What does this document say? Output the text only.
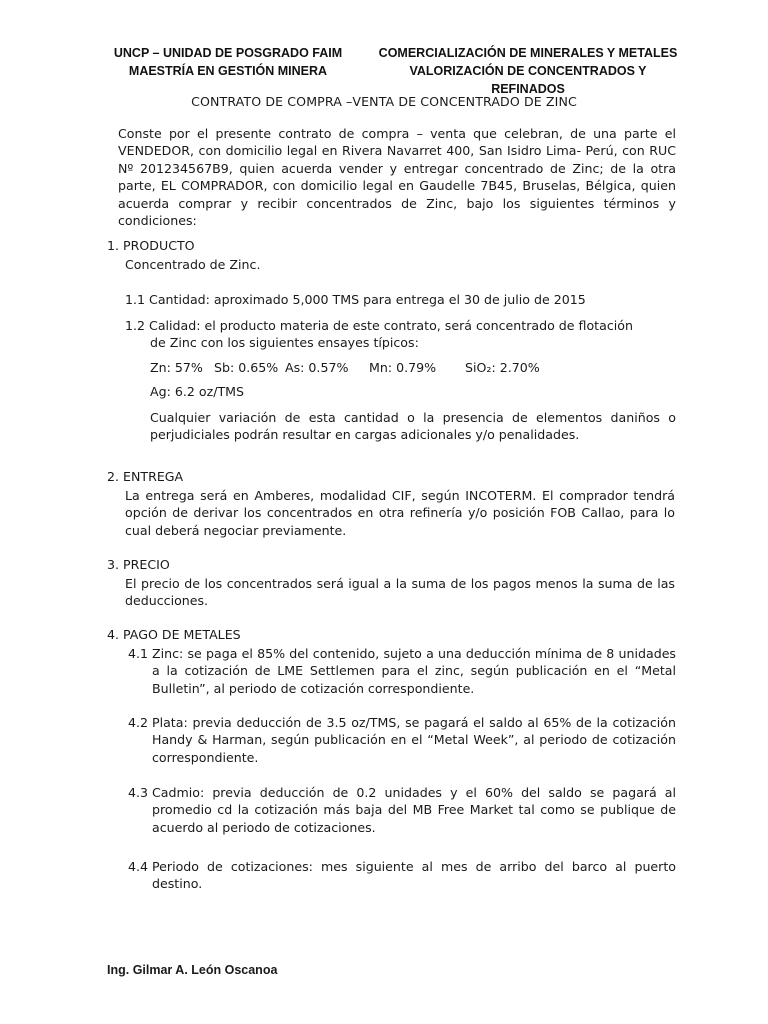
UNCP – UNIDAD DE POSGRADO FAIM
MAESTRÍA EN GESTIÓN MINERA
COMERCIALIZACIÓN DE MINERALES Y METALES
VALORIZACIÓN DE CONCENTRADOS Y REFINADOS
CONTRATO DE COMPRA –VENTA DE CONCENTRADO DE ZINC
Conste por el presente contrato de compra – venta que celebran, de una parte el VENDEDOR, con domicilio legal en Rivera Navarret 400, San Isidro Lima- Perú, con RUC Nº 201234567B9, quien acuerda vender y entregar concentrado de Zinc; de la otra parte, EL COMPRADOR, con domicilio legal en Gaudelle 7B45, Bruselas, Bélgica, quien acuerda comprar y recibir concentrados de Zinc, bajo los siguientes términos y condiciones:
1. PRODUCTO
Concentrado de Zinc.
1.1 Cantidad: aproximado 5,000 TMS para entrega el 30 de julio de 2015
1.2 Calidad: el producto materia de este contrato, será concentrado de flotación
de Zinc con los siguientes ensayes típicos:
Zn: 57% Sb: 0.65% As: 0.57% Mn: 0.79% SiO₂: 2.70%
Ag: 6.2 oz/TMS
Cualquier variación de esta cantidad o la presencia de elementos daniños o perjudiciales podrán resultar en cargas adicionales y/o penalidades.
2. ENTREGA
La entrega será en Amberes, modalidad CIF, según INCOTERM. El comprador tendrá opción de derivar los concentrados en otra refinería y/o posición FOB Callao, para lo cual deberá negociar previamente.
3. PRECIO
El precio de los concentrados será igual a la suma de los pagos menos la suma de las deducciones.
4. PAGO DE METALES
4.1 Zinc: se paga el 85% del contenido, sujeto a una deducción mínima de 8 unidades a la cotización de LME Settlemen para el zinc, según publicación en el “Metal Bulletin”, al periodo de cotización correspondiente.
4.2 Plata: previa deducción de 3.5 oz/TMS, se pagará el saldo al 65% de la cotización Handy & Harman, según publicación en el “Metal Week”, al periodo de cotización correspondiente.
4.3 Cadmio: previa deducción de 0.2 unidades y el 60% del saldo se pagará al promedio cd la cotización más baja del MB Free Market tal como se publique de acuerdo al periodo de cotizaciones.
4.4 Periodo de cotizaciones: mes siguiente al mes de arribo del barco al puerto destino.
Ing. Gilmar A. León Oscanoa
